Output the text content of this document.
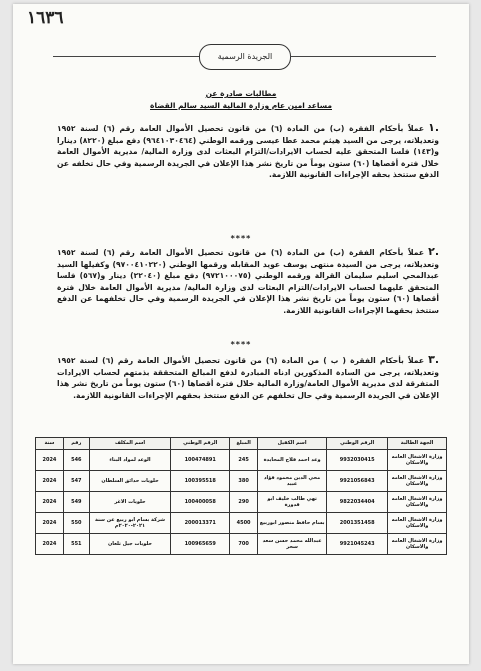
١٦٣٦
الجريدة الرسمية
مطالبات صادرة عن
مساعد امين عام وزارة المالية السيد سالم القضاة
.١عملاً بأحكام الفقرة (ب) من المادة (٦) من قانون تحصيل الأموال العامة رقم (٦) لسنة ١٩٥٢ وتعديلاته، يرجى من السيد هيثم محمد عطا عيسى ورقمه الوطني (٩٦٤١٠٣٠٤٦٤) دفع مبلغ (٨٢٢٠) دينارا و(١٤٣) فلسا المتحقق عليه لحساب الايرادات/التزام البعثات لدى وزارة المالية/ مديرية الأموال العامة خلال فترة أقصاها (٦٠) ستون يوماً من تاريخ نشر هذا الإعلان في الجريدة الرسمية وفي حال تخلفه عن الدفع ستتخذ بحقه الإجراءات القانونية اللازمة.
****
.٢عملاً بأحكام الفقرة (ب) من المادة (٦) من قانون تحصيل الأموال العامة رقم (٦) لسنة ١٩٥٢ وتعديلاته، يرجى من السيدة منتهى يوسف عويد المقابله ورقمها الوطني (٩٧٠٠٤١٠٢٢٠) وكفيلها السيد عبدالمحي اسليم سليمان القرالة ورقمه الوطني (٩٧٢١٠٠٠٧٥) دفع مبلغ (٢٢٠٤٠) دينار و(٥٦٧) فلسا المتحقق عليهما لحساب الايرادات/التزام البعثات لدى وزارة المالية/ مديرية الأموال العامة خلال فترة أقصاها (٦٠) ستون يوماً من تاريخ نشر هذا الإعلان في الجريدة الرسمية وفي حال تخلفهما عن الدفع ستتخذ بحقهما الإجراءات القانونية اللازمة.
****
.٣عملاً بأحكام الفقرة ( ب ) من المادة (٦) من قانون تحصيل الأموال العامة رقم (٦) لسنة ١٩٥٢ وتعديلاته، يرجى من السادة المذكورين ادناه المبادرة لدفع المبالغ المتحققة بذمتهم لحساب الايرادات المتفرقة لدى مديرية الأموال العامة/وزارة المالية خلال فترة أقصاها (٦٠) ستون يوماً من تاريخ نشر هذا الإعلان في الجريدة الرسمية وفي حال تخلفهم عن الدفع ستتخذ بحقهم الإجراءات القانونية اللازمة.
الجهة الطالبة	الرقم الوطني	اسم الكفيل	المبلغ	الرقم الوطني	اسم المكلف	رقم	سنة
وزارة الاشغال العامه والاسكان	9932030415	وعد احمد فلاح المحايدة	245	100474891	الوعد لمواد البناء	546	2024
وزارة الاشغال العامه والاسكان	9921056843	محي الدين محمود فؤاد عبيد	380	100395518	حلويات حدائق السلطان	547	2024
وزارة الاشغال العامه والاسكان	9822034404	تهي طالب خليف ابو قدورة	290	100400058	حلويات الاغر	549	2024
وزارة الاشغال العامه والاسكان	2001351458	بسام حافظ منصور ابوربيع	4500	200013371	شركة بسام ابو ربيع عن سنة ٢٠٢١-٢٠٢٠م	550	2024
وزارة الاشغال العامه والاسكان	9921045243	عبدالله محمد حسن سعد سحر	700	100965659	حلويات جيل تلعان	551	2024
